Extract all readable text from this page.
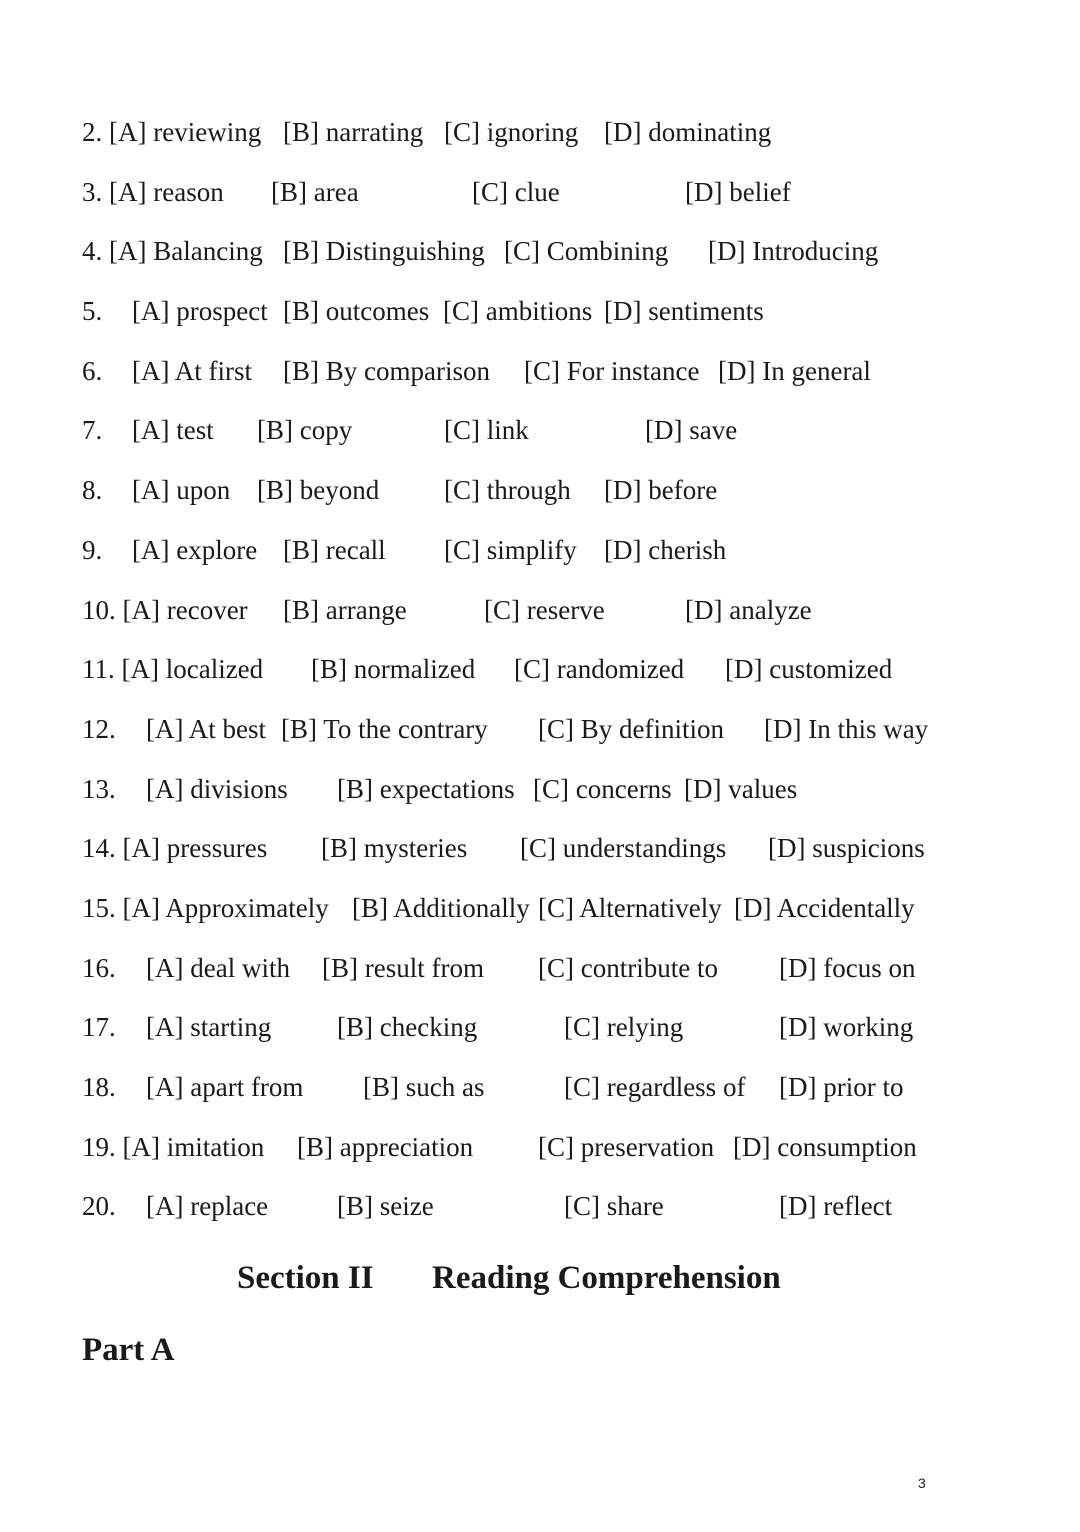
2. [A] reviewing [B] narrating [C] ignoring [D] dominating
3. [A] reason [B] area	[C] clue	[D] belief
4. [A] Balancing [B] Distinguishing [C] Combining [D] Introducing
5. [A] prospect [B] outcomes [C] ambitions [D] sentiments
6. [A] At first [B] By comparison [C] For instance [D] In general
7. [A] test [B] copy	[C] link	[D] save
8. [A] upon [B] beyond [C] through [D] before
9. [A] explore [B] recall [C] simplify [D] cherish
10. [A] recover [B] arrange	[C] reserve	[D] analyze
11. [A] localized [B] normalized [C] randomized [D] customized
12. [A] At best [B] To the contrary [C] By definition [D] In this way
13. [A] divisions [B] expectations [C] concerns [D] values
14. [A] pressures [B] mysteries [C] understandings [D] suspicions
15. [A] Approximately [B] Additionally [C] Alternatively [D] Accidentally
16. [A] deal with [B] result from [C] contribute to [D] focus on
17. [A] starting [B] checking	[C] relying	[D] working
18. [A] apart from [B] such as	[C] regardless of [D] prior to
19. [A] imitation [B] appreciation [C] preservation [D] consumption
20. [A] replace	[B] seize	[C] share	[D] reflect
Section II Reading Comprehension
Part A
3
